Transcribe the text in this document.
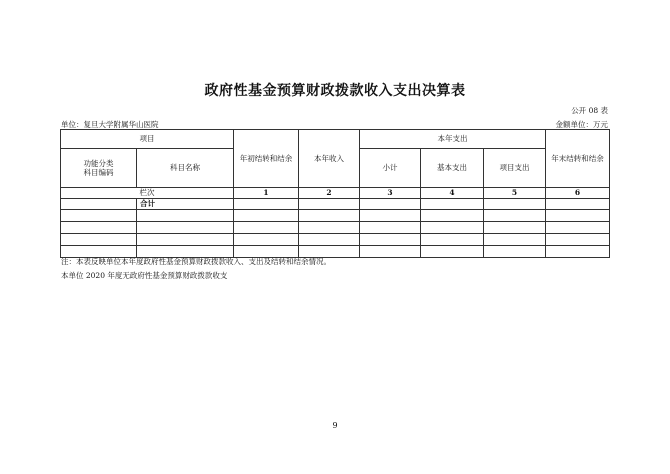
政府性基金预算财政拨款收入支出决算表
公开 08 表
单位：复旦大学附属华山医院	金额单位：万元
项目		年初结转和结余	本年收入	本年支出			年末结转和结余

功能分类
科目编码	科目名称			小计	基本支出	项目支出	
栏次		1	2	3	4	5	6
	合计						

注：本表反映单位本年度政府性基金预算财政拨款收入、支出及结转和结余情况。
本单位 2020 年度无政府性基金预算财政拨款收支
9
